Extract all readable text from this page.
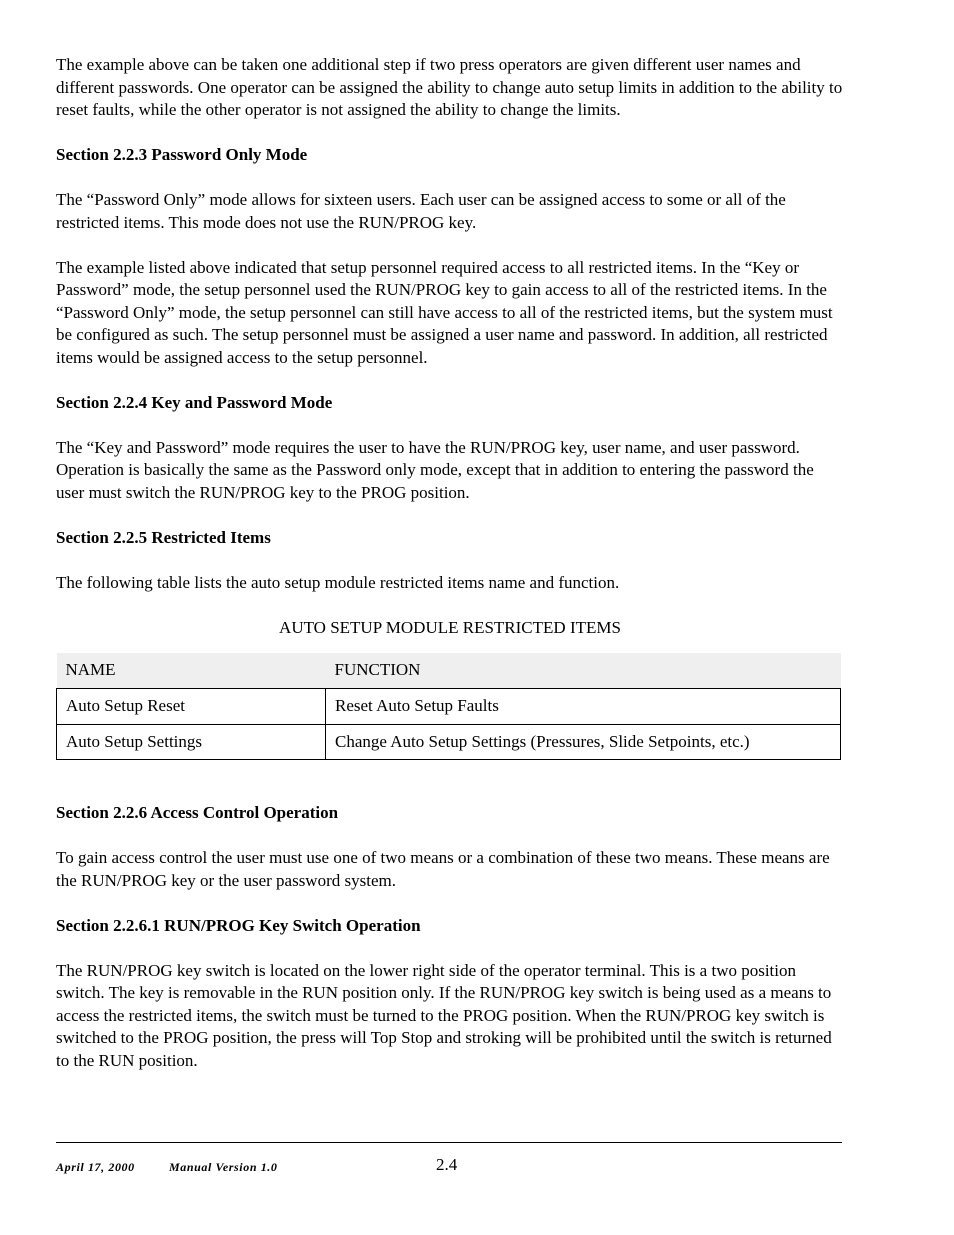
The example above can be taken one additional step if two press operators are given different user names and different passwords. One operator can be assigned the ability to change auto setup limits in addition to the ability to reset faults, while the other operator is not assigned the ability to change the limits.

Section 2.2.3 Password Only Mode

The “Password Only” mode allows for sixteen users. Each user can be assigned access to some or all of the restricted items. This mode does not use the RUN/PROG key.

The example listed above indicated that setup personnel required access to all restricted items. In the “Key or Password” mode, the setup personnel used the RUN/PROG key to gain access to all of the restricted items. In the “Password Only” mode, the setup personnel can still have access to all of the restricted items, but the system must be configured as such. The setup personnel must be assigned a user name and password. In addition, all restricted items would be assigned access to the setup personnel.

Section 2.2.4 Key and Password Mode

The “Key and Password” mode requires the user to have the RUN/PROG key, user name, and user password. Operation is basically the same as the Password only mode, except that in addition to entering the password the user must switch the RUN/PROG key to the PROG position.

Section 2.2.5 Restricted Items

The following table lists the auto setup module restricted items name and function.

AUTO SETUP MODULE RESTRICTED ITEMS

NAME	FUNCTION
Auto Setup Reset	Reset Auto Setup Faults
Auto Setup Settings	Change Auto Setup Settings (Pressures, Slide Setpoints, etc.)

Section 2.2.6 Access Control Operation

To gain access control the user must use one of two means or a combination of these two means. These means are the RUN/PROG key or the user password system.

Section 2.2.6.1 RUN/PROG Key Switch Operation

The RUN/PROG key switch is located on the lower right side of the operator terminal. This is a two position switch. The key is removable in the RUN position only. If the RUN/PROG key switch is being used as a means to access the restricted items, the switch must be turned to the PROG position. When the RUN/PROG key switch is switched to the PROG position, the press will Top Stop and stroking will be prohibited until the switch is returned to the RUN position.

April 17, 2000	Manual Version 1.0	2.4
